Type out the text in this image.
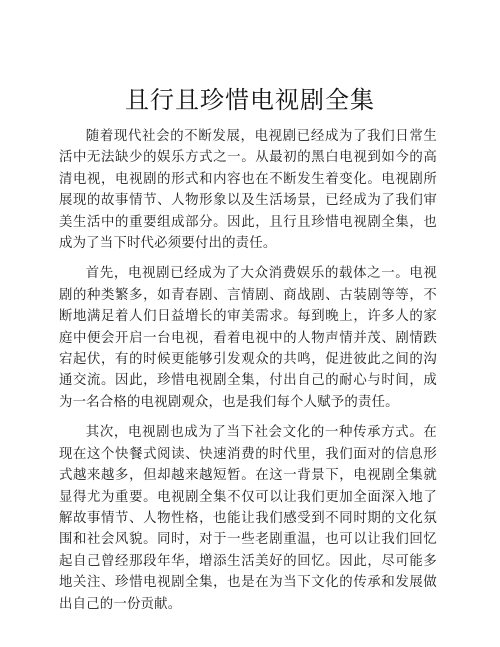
且行且珍惜电视剧全集

随着现代社会的不断发展，电视剧已经成为了我们日常生活中无法缺少的娱乐方式之一。从最初的黑白电视到如今的高清电视，电视剧的形式和内容也在不断发生着变化。电视剧所展现的故事情节、人物形象以及生活场景，已经成为了我们审美生活中的重要组成部分。因此，且行且珍惜电视剧全集，也成为了当下时代必须要付出的责任。

首先，电视剧已经成为了大众消费娱乐的载体之一。电视剧的种类繁多，如青春剧、言情剧、商战剧、古装剧等等，不断地满足着人们日益增长的审美需求。每到晚上，许多人的家庭中便会开启一台电视，看着电视中的人物声情并茂、剧情跌宕起伏，有的时候更能够引发观众的共鸣，促进彼此之间的沟通交流。因此，珍惜电视剧全集，付出自己的耐心与时间，成为一名合格的电视剧观众，也是我们每个人赋予的责任。

其次，电视剧也成为了当下社会文化的一种传承方式。在现在这个快餐式阅读、快速消费的时代里，我们面对的信息形式越来越多，但却越来越短暂。在这一背景下，电视剧全集就显得尤为重要。电视剧全集不仅可以让我们更加全面深入地了解故事情节、人物性格，也能让我们感受到不同时期的文化氛围和社会风貌。同时，对于一些老剧重温，也可以让我们回忆起自己曾经那段年华，增添生活美好的回忆。因此，尽可能多地关注、珍惜电视剧全集，也是在为当下文化的传承和发展做出自己的一份贡献。
